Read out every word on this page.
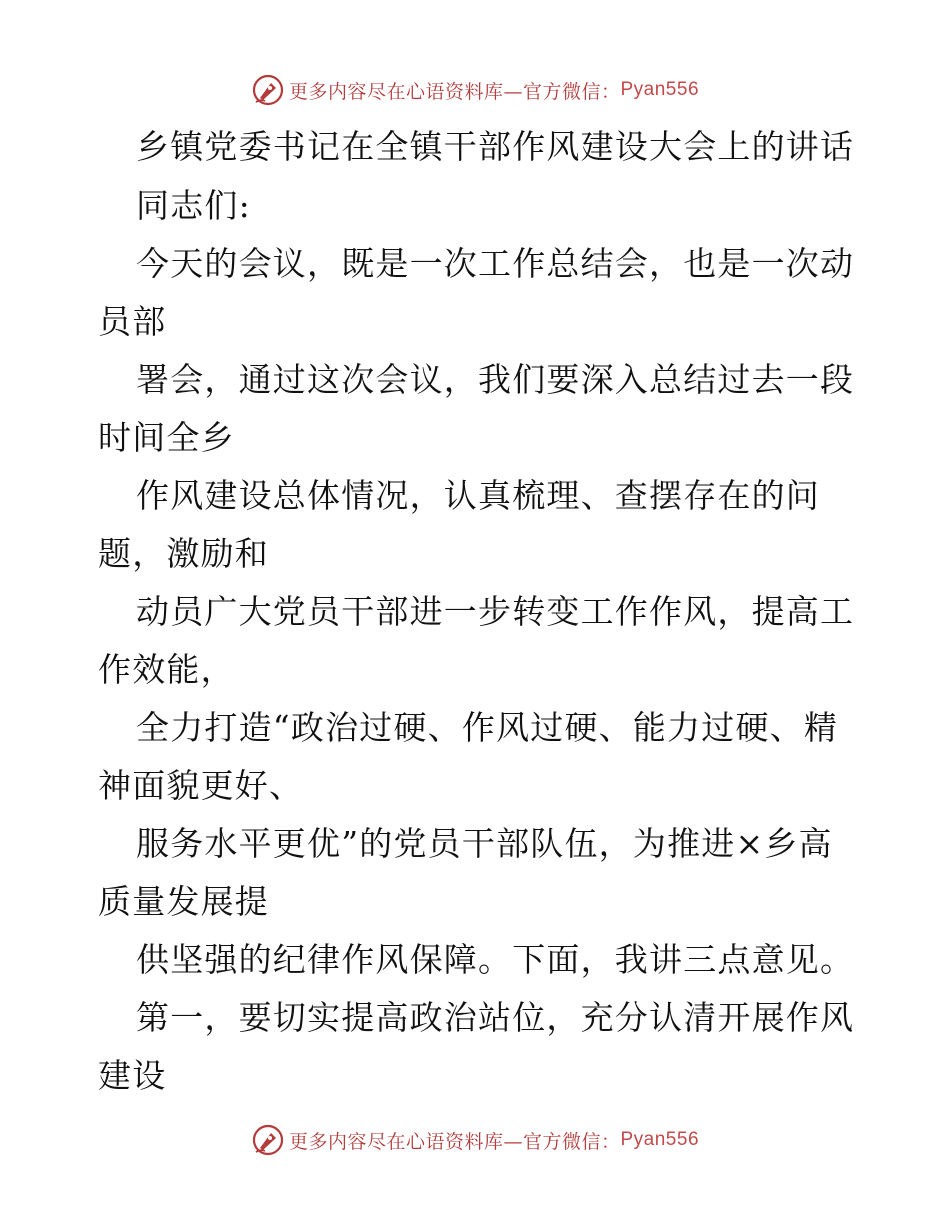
更多内容尽在心语资料库—官方微信： Pyan556
乡镇党委书记在全镇干部作风建设大会上的讲话
同志们:
今天的会议，既是一次工作总结会，也是一次动
员部
署会，通过这次会议，我们要深入总结过去一段
时间全乡
作风建设总体情况，认真梳理、查摆存在的问
题，激励和
动员广大党员干部进一步转变工作作风，提高工
作效能，
全力打造“政治过硬、作风过硬、能力过硬、精
神面貌更好、
服务水平更优”的党员干部队伍，为推进×乡高
质量发展提
供坚强的纪律作风保障。下面，我讲三点意见。
第一，要切实提高政治站位，充分认清开展作风
建设
更多内容尽在心语资料库—官方微信： Pyan556
